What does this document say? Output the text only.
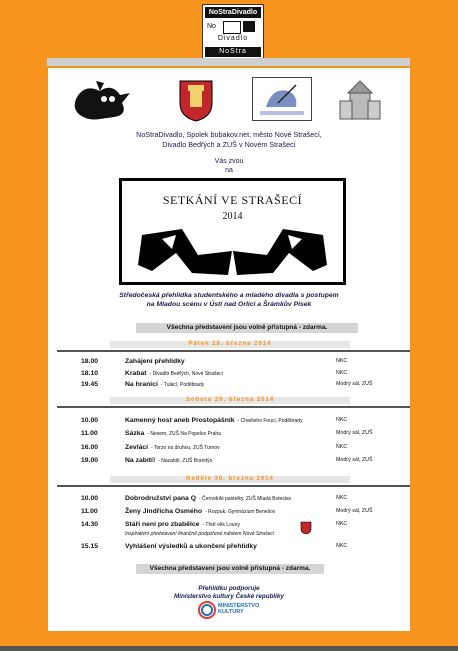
NoStraDivadlo
No
Divadlo
NoStra
NoStraDivadlo, Spolek bubakov.net, město Nové Strašecí,
Divadlo Bedřých a ZUŠ v Novém Strašecí
Vás zvou
na
SETKÁNÍ VE STRAŠECÍ
2014
Středočeská přehlídka studentského a mladého divadla s postupem
na Mladou scénu v Ústí nad Orlicí a Šrámkův Písek
Všechna představení jsou volně přístupná - zdarma.
Pátek 28. března 2014
18.00	Zahájení přehlídky	NKC
18.10	Krabat - Divadlo Bedřých, Nové Strašecí	NKC
19.45	Na hranici - Tulácí, Poděbrady	Modrý sál, ZUŠ
Sobota 29. března 2014
10.00	Kamenný host aneb Prostopášník - Charlieho Fouci, Poděbrady	NKC
11.00	Sázka - Nesem, ZUŠ Na Popelce Praha	Modrý sál, ZUŠ
16.00	Zevlácí - Torzo na druhou, ZUŠ Turnov	NKC
19.00	Na zabití! - Nazabití, ZUŠ Brandýs	Modrý sál, ZUŠ
Neděle 30. března 2014
10.00	Dobrodružství pana Q - Černobílé pastelky, ZUŠ Mladá Boleslav	NKC
11.00	Ženy Jindřicha Osmého - Rozpuk, Gymnázium Benešov	Modrý sál, ZUŠ
14.30	Stáří není pro zbabělce - Třetí věk Louny	NKC
Inspirativní představení finančně podpořené městem Nové Strašecí
15.15	Vyhlášení výsledků a ukončení přehlídky	NKC
Všechna představení jsou volně přístupná - zdarma.
Přehlídku podporuje
Ministerstvo kultury České republiky
MINISTERSTVO
KULTURY
